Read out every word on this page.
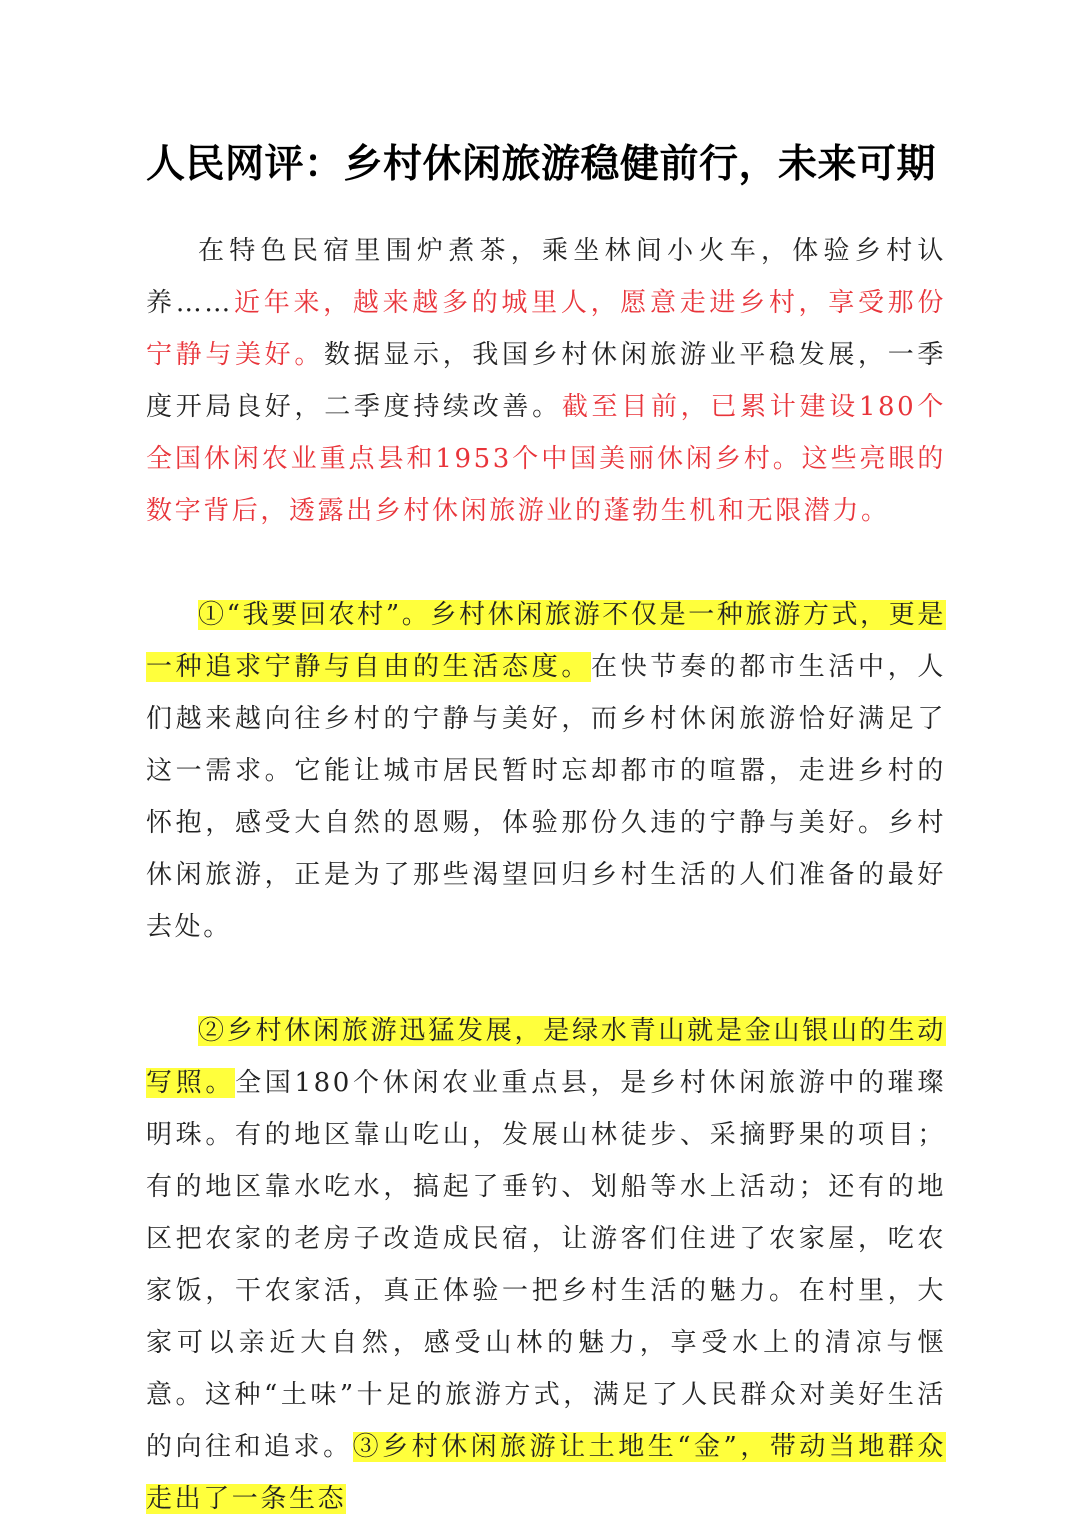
人民网评：乡村休闲旅游稳健前行，未来可期

在特色民宿里围炉煮茶，乘坐林间小火车，体验乡村认养……近年来，越来越多的城里人，愿意走进乡村，享受那份宁静与美好。数据显示，我国乡村休闲旅游业平稳发展，一季度开局良好，二季度持续改善。截至目前，已累计建设180个全国休闲农业重点县和1953个中国美丽休闲乡村。这些亮眼的数字背后，透露出乡村休闲旅游业的蓬勃生机和无限潜力。

①“我要回农村”。乡村休闲旅游不仅是一种旅游方式，更是一种追求宁静与自由的生活态度。在快节奏的都市生活中，人们越来越向往乡村的宁静与美好，而乡村休闲旅游恰好满足了这一需求。它能让城市居民暂时忘却都市的喧嚣，走进乡村的怀抱，感受大自然的恩赐，体验那份久违的宁静与美好。乡村休闲旅游，正是为了那些渴望回归乡村生活的人们准备的最好去处。

②乡村休闲旅游迅猛发展，是绿水青山就是金山银山的生动写照。全国180个休闲农业重点县，是乡村休闲旅游中的璀璨明珠。有的地区靠山吃山，发展山林徒步、采摘野果的项目；有的地区靠水吃水，搞起了垂钓、划船等水上活动；还有的地区把农家的老房子改造成民宿，让游客们住进了农家屋，吃农家饭，干农家活，真正体验一把乡村生活的魅力。在村里，大家可以亲近大自然，感受山林的魅力，享受水上的清凉与惬意。这种“土味”十足的旅游方式，满足了人民群众对美好生活的向往和追求。③乡村休闲旅游让土地生“金”，带动当地群众走出了一条生态
